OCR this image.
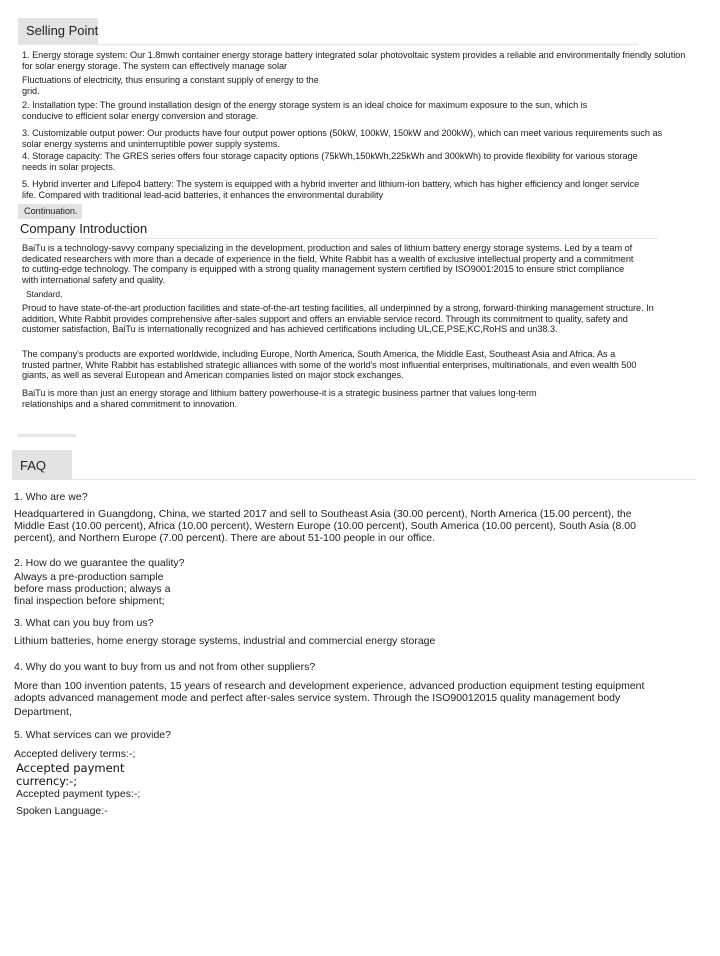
Selling Point
1. Energy storage system: Our 1.8mwh container energy storage battery integrated solar photovoltaic system provides a reliable and environmentally friendly solution for solar energy storage. The system can effectively manage solar
Fluctuations of electricity, thus ensuring a constant supply of energy to the grid.
2. Installation type: The ground installation design of the energy storage system is an ideal choice for maximum exposure to the sun, which is conducive to efficient solar energy conversion and storage.
3. Customizable output power: Our products have four output power options (50kW, 100kW, 150kW and 200kW), which can meet various requirements such as solar energy systems and uninterruptible power supply systems.
4. Storage capacity: The GRES series offers four storage capacity options (75kWh,150kWh,225kWh and 300kWh) to provide flexibility for various storage needs in solar projects.
5. Hybrid inverter and Lifepo4 battery: The system is equipped with a hybrid inverter and lithium-ion battery, which has higher efficiency and longer service life. Compared with traditional lead-acid batteries, it enhances the environmental durability
Continuation.
Company Introduction
BaiTu is a technology-savvy company specializing in the development, production and sales of lithium battery energy storage systems. Led by a team of dedicated researchers with more than a decade of experience in the field, White Rabbit has a wealth of exclusive intellectual property and a commitment to cutting-edge technology. The company is equipped with a strong quality management system certified by ISO9001:2015 to ensure strict compliance with international safety and quality.
Standard.
Proud to have state-of-the-art production facilities and state-of-the-art testing facilities, all underpinned by a strong, forward-thinking management structure. In addition, White Rabbit provides comprehensive after-sales support and offers an enviable service record. Through its commitment to quality, safety and customer satisfaction, BaiTu is internationally recognized and has achieved certifications including UL,CE,PSE,KC,RoHS and un38.3.
The company's products are exported worldwide, including Europe, North America, South America, the Middle East, Southeast Asia and Africa. As a trusted partner, White Rabbit has established strategic alliances with some of the world's most influential enterprises, multinationals, and even wealth 500 giants, as well as several European and American companies listed on major stock exchanges.
BaiTu is more than just an energy storage and lithium battery powerhouse-it is a strategic business partner that values long-term relationships and a shared commitment to innovation.
FAQ
1. Who are we?
Headquartered in Guangdong, China, we started 2017 and sell to Southeast Asia (30.00 percent), North America (15.00 percent), the Middle East (10.00 percent), Africa (10.00 percent), Western Europe (10.00 percent), South America (10.00 percent), South Asia (8.00 percent), and Northern Europe (7.00 percent). There are about 51-100 people in our office.
2. How do we guarantee the quality?
Always a pre-production sample before mass production; always a final inspection before shipment;
3. What can you buy from us?
Lithium batteries, home energy storage systems, industrial and commercial energy storage
4. Why do you want to buy from us and not from other suppliers?
More than 100 invention patents, 15 years of research and development experience, advanced production equipment testing equipment adopts advanced management mode and perfect after-sales service system. Through the ISO90012015 quality management body
Department,
5. What services can we provide?
Accepted delivery terms:-;
Accepted payment currency:-;
Accepted payment types:-;
Spoken Language:-
